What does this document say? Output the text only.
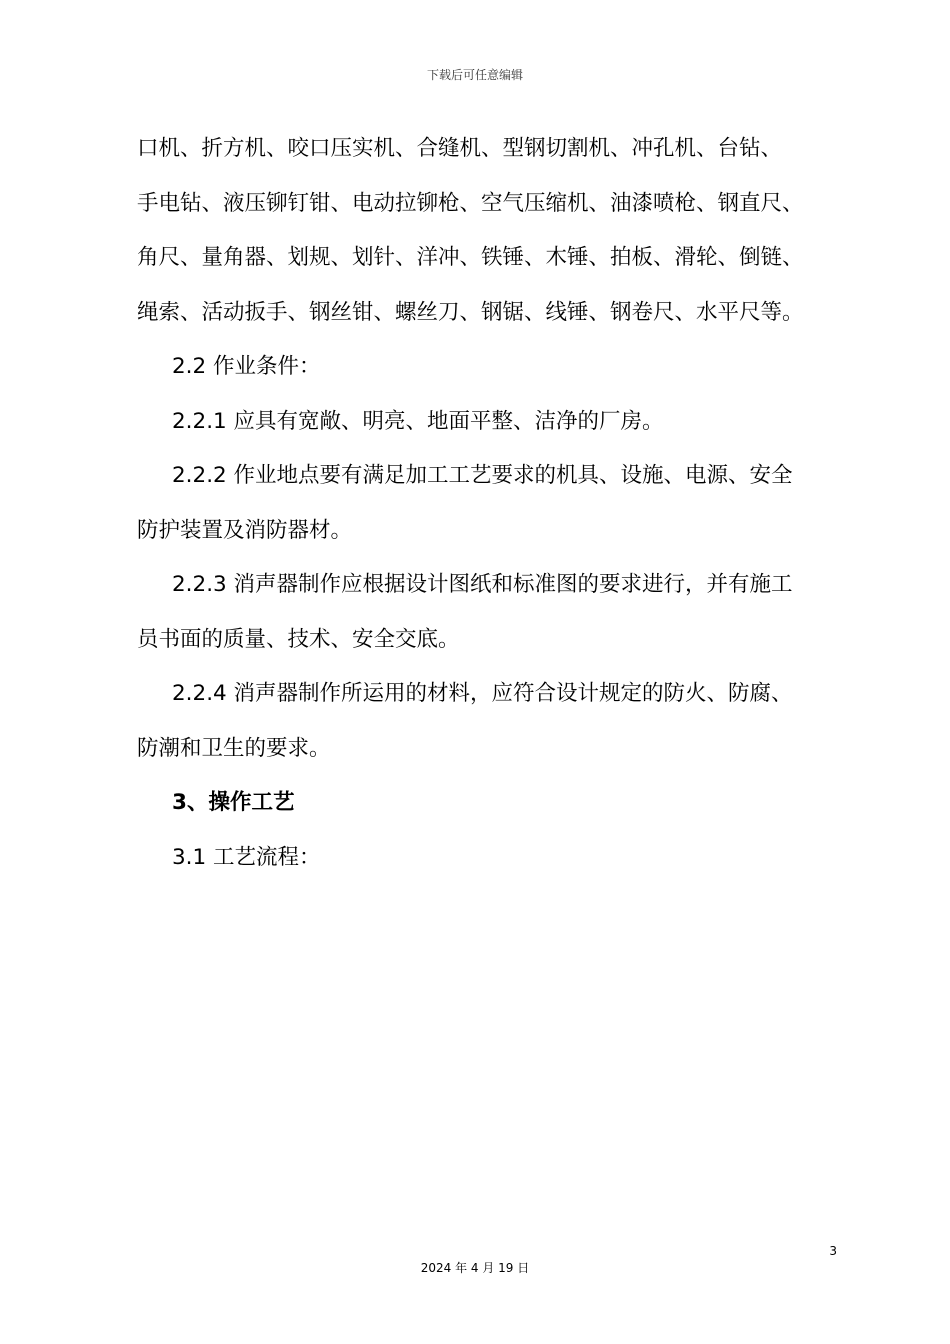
下载后可任意编辑

口机、折方机、咬口压实机、合缝机、型钢切割机、冲孔机、台钻、

手电钻、液压铆钉钳、电动拉铆枪、空气压缩机、油漆喷枪、钢直尺、

角尺、量角器、划规、划针、洋冲、铁锤、木锤、拍板、滑轮、倒链、

绳索、活动扳手、钢丝钳、螺丝刀、钢锯、线锤、钢卷尺、水平尺等。

2.2 作业条件：

2.2.1 应具有宽敞、明亮、地面平整、洁净的厂房。

2.2.2 作业地点要有满足加工工艺要求的机具、设施、电源、安全

防护装置及消防器材。

2.2.3 消声器制作应根据设计图纸和标准图的要求进行，并有施工

员书面的质量、技术、安全交底。

2.2.4 消声器制作所运用的材料，应符合设计规定的防火、防腐、

防潮和卫生的要求。

3、操作工艺

3.1 工艺流程：

3
2024 年 4 月 19 日
